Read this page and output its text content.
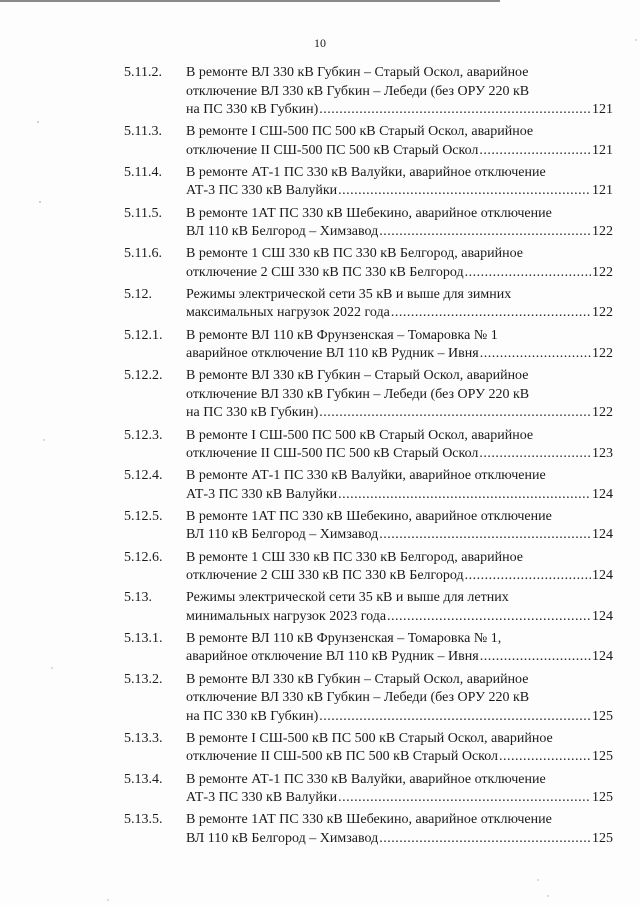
10
5.11.2.	В ремонте ВЛ 330 кВ Губкин – Старый Оскол, аварийное
отключение ВЛ 330 кВ Губкин – Лебеди (без ОРУ 220 кВ
на ПС 330 кВ Губкин) .....	121
5.11.3.	В ремонте I СШ-500 ПС 500 кВ Старый Оскол, аварийное
отключение II СШ-500 ПС 500 кВ Старый Оскол .....	121
5.11.4.	В ремонте АТ-1 ПС 330 кВ Валуйки, аварийное отключение
АТ-3 ПС 330 кВ Валуйки .....	121
5.11.5.	В ремонте 1АТ ПС 330 кВ Шебекино, аварийное отключение
ВЛ 110 кВ Белгород – Химзавод .....	122
5.11.6.	В ремонте 1 СШ 330 кВ ПС 330 кВ Белгород, аварийное
отключение 2 СШ 330 кВ ПС 330 кВ Белгород .....	122
5.12.	Режимы электрической сети 35 кВ и выше для зимних
максимальных нагрузок 2022 года .....	122
5.12.1.	В ремонте ВЛ 110 кВ Фрунзенская – Томаровка № 1
аварийное отключение ВЛ 110 кВ Рудник – Ивня .....	122
5.12.2.	В ремонте ВЛ 330 кВ Губкин – Старый Оскол, аварийное
отключение ВЛ 330 кВ Губкин – Лебеди (без ОРУ 220 кВ
на ПС 330 кВ Губкин) .....	122
5.12.3.	В ремонте I СШ-500 ПС 500 кВ Старый Оскол, аварийное
отключение II СШ-500 ПС 500 кВ Старый Оскол .....	123
5.12.4.	В ремонте АТ-1 ПС 330 кВ Валуйки, аварийное отключение
АТ-3 ПС 330 кВ Валуйки .....	124
5.12.5.	В ремонте 1АТ ПС 330 кВ Шебекино, аварийное отключение
ВЛ 110 кВ Белгород – Химзавод .....	124
5.12.6.	В ремонте 1 СШ 330 кВ ПС 330 кВ Белгород, аварийное
отключение 2 СШ 330 кВ ПС 330 кВ Белгород .....	124
5.13.	Режимы электрической сети 35 кВ и выше для летних
минимальных нагрузок 2023 года .....	124
5.13.1.	В ремонте ВЛ 110 кВ Фрунзенская – Томаровка № 1,
аварийное отключение ВЛ 110 кВ Рудник – Ивня .....	124
5.13.2.	В ремонте ВЛ 330 кВ Губкин – Старый Оскол, аварийное
отключение ВЛ 330 кВ Губкин – Лебеди (без ОРУ 220 кВ
на ПС 330 кВ Губкин) .....	125
5.13.3.	В ремонте I СШ-500 кВ ПС 500 кВ Старый Оскол, аварийное
отключение II СШ-500 кВ ПС 500 кВ Старый Оскол .....	125
5.13.4.	В ремонте АТ-1 ПС 330 кВ Валуйки, аварийное отключение
АТ-3 ПС 330 кВ Валуйки .....	125
5.13.5.	В ремонте 1АТ ПС 330 кВ Шебекино, аварийное отключение
ВЛ 110 кВ Белгород – Химзавод .....	125
